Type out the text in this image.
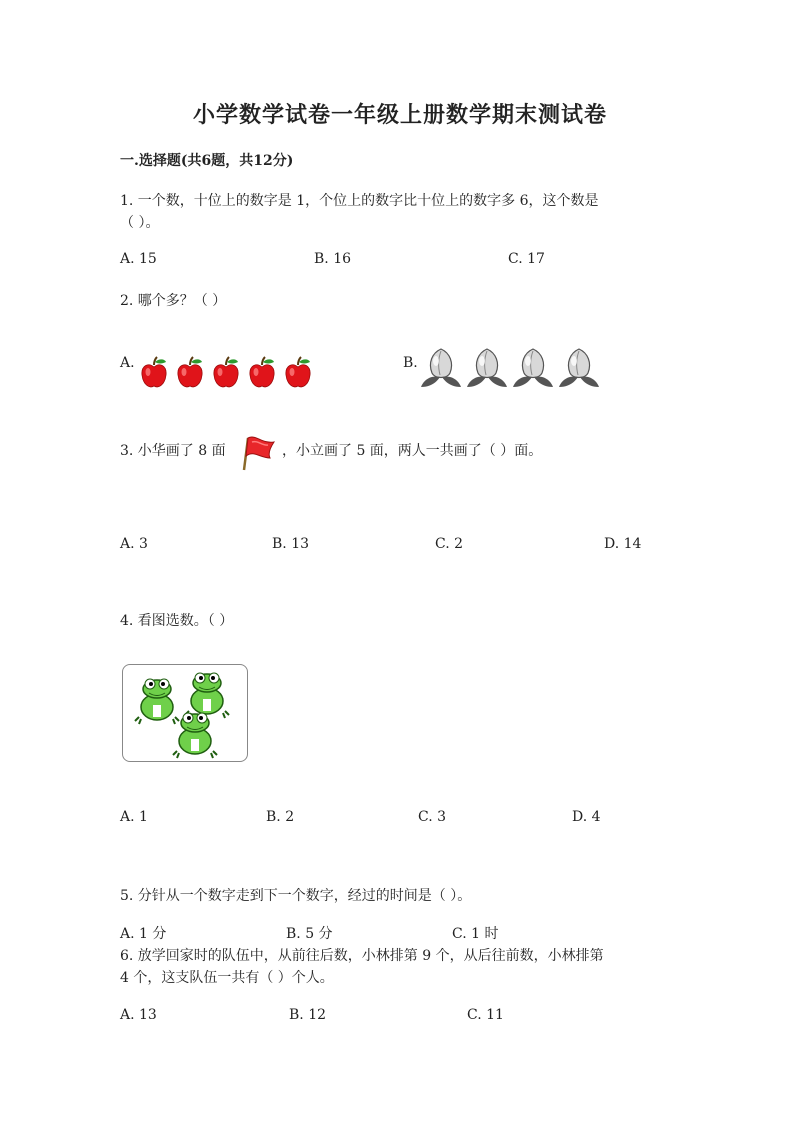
小学数学试卷一年级上册数学期末测试卷
一.选择题(共6题，共12分)
1. 一个数，十位上的数字是 1，个位上的数字比十位上的数字多 6，这个数是
（ ）。
A. 15	B. 16	C. 17
2. 哪个多？（ ）
A.	B.
3. 小华画了 8 面	，小立画了 5 面，两人一共画了（ ）面。
A. 3	B. 13	C. 2	D. 14
4. 看图选数。（ ）
A. 1	B. 2	C. 3	D. 4
5. 分针从一个数字走到下一个数字，经过的时间是（ ）。
A. 1 分	B. 5 分	C. 1 时
6. 放学回家时的队伍中，从前往后数，小林排第 9 个，从后往前数，小林排第
4 个，这支队伍一共有（ ）个人。
A. 13	B. 12	C. 11
